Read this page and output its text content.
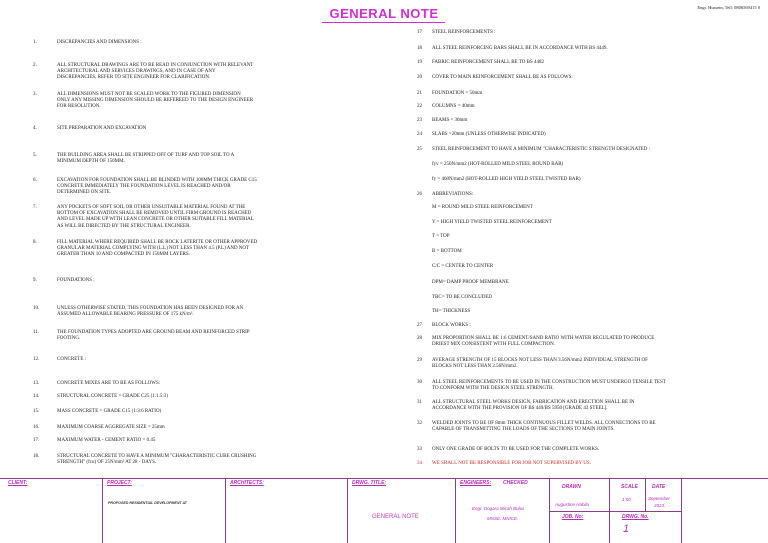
GENERAL NOTE	Engr. Hussein, Tell: 0806569415 0
1.	DISCREPANCIES AND DIMENSIONS :
2.	ALL STRUCTURAL DRAWINGS ARE TO BE READ IN CONJUNCTION WITH RELEVANT
ARCHITECTURAL AND SERVICES DRAWINGS, AND IN CASE OF ANY
DISCREPANCIES, REFER TO SITE ENGINEER FOR CLARIFICATION.
3.	ALL DIMENSIONS MUST NOT BE SCALED WORK TO THE FIGURED DIMENSION
ONLY ANY MISSING DIMENSION SHOULD BE REFEREED TO THE DESIGN ENGINEER
FOR RESOLUTION.
4.	SITE PREPARATION AND EXCAVATION
5.	THE BUILDING AREA SHALL BE STRIPPED OFF OF TURF AND TOP SOIL TO A
MINIMUM DEPTH OF 150MM.
6.	EXCAVATION FOR FOUNDATION SHALL BE BLINDED WITH 100MM THICK GRADE C15
CONCRETE IMMEDIATELY THE FOUNDATION LEVEL IS REACHED AND/OR
DETERMINED ON SITE.
7.	ANY POCKETS OF SOFT SOIL OR OTHER UNSUITABLE MATERIAL FOUND AT THE
BOTTOM OF EXCAVATION SHALL BE REMOVED UNTIL FIRM GROUND IS REACHED
AND LEVEL MADE UP WITH LEAN CONCRETE OR OTHER SUITABLE FILL MATERIAL
AS WILL BE DIRECTED BY THE STRUCTURAL ENGINEER.
8.	FILL MATERIAL WHERE REQUIRED SHALL BE ROCK LATERITE OR OTHER APPROVED
GRANULAR MATERIAL COMPLYING WITH (L.L) NOT LESS THAN 4.5 (P.L) AND NOT
GREATER THAN 10 AND COMPACTED IN 150MM LAYERS.
9.	FOUNDATIONS :
10.	UNLESS OTHERWISE STATED, THIS FOUNDATION HAS BEEN DESIGNED FOR AN
ASSUMED ALLOWABLE BEARING PRESSURE OF 175 kN/m².
11.	THE FOUNDATION TYPES ADOPTED ARE GROUND BEAM AND REINFORCED STRIP
FOOTING.
12.	CONCRETE :
13.	CONCRETE MIXES ARE TO BE AS FOLLOWS:
14.	STRUCTURAL CONCRETE = GRADE C25 (1:1.5:3)
15.	MASS CONCRETE = GRADE C15 (1:3:6 RATIO)
16.	MAXIMUM COARSE AGGREGATE SIZE = 25mm
17.	MAXIMUM WATER - CEMENT RATIO = 0.45
18.	STRUCTURAL CONCRETE TO HAVE A MINIMUM "CHARACTERISTIC CUBE CRUSHING
STRENGTH" (fcu) OF 25N/mm² AT 28 - DAYS.
17 STEEL REINFORCEMENTS :
18 ALL STEEL REINFORCING BARS SHALL BE IN ACCORDANCE WITH BS 4449.
19 FABRIC REINFORCEMENT SHALL BE TO BS 4482
20 COVER TO MAIN REINFORCEMENT SHALL BE AS FOLLOWS:
21 FOUNDATION = 50mm
22 COLUMNS = 40mm
23 BEAMS = 30mm
24 SLABS =20mm (UNLESS OTHERWISE INDICATED)
25 STEEL REINFORCEMENT TO HAVE A MINIMUM "CHARACTERISTIC STRENGTH DESIGNATED :
fyv = 250N/mm2 (HOT-ROLLED MILD STEEL ROUND BAR)
fy = 460N/mm2 (HOT-ROLLED HIGH YIELD STEEL TWISTED BAR)
26 ABBREVIATIONS:
M = ROUND MILD STEEL REINFORCEMENT
Y = HIGH YIELD TWISTED STEEL REINFORCEMENT
T = TOP
B = BOTTOM
C/C = CENTER TO CENTER
DPM= DAMP PROOF MEMBRANE
TBC= TO BE CONCLUDED
TH= THICKNESS
27 BLOCK WORKS :
28 MIX PROPORTION SHALL BE 1:6 CEMENT/SAND RATIO WITH WATER REGULATED TO PRODUCE
DRIEST MIX CONSISTENT WITH FULL COMPACTION.
29 AVERAGE STRENGTH OF 15 BLOCKS NOT LESS THAN 3.56N/mm2 INDIVIDUAL STRENGTH OF
BLOCKS NOT LESS THAN 2.56N/mm2.
30 ALL STEEL REINFORCEMENTS TO BE USED IN THE CONSTRUCTION MUST UNDERGO TENSILE TEST
TO CONFORM WITH THE DESIGN STEEL STRENGTH.
31 ALL STRUCTURAL STEEL WORKS DESIGN, FABRICATION AND ERECTION SHALL BE IN
ACCORDANCE WITH THE PROVISION OF BS 449/BS 5950 [GRADE 43 STEEL].
32 WELDED JOINTS TO BE OF 8mm THICK CONTINUOUS FILLET WELDS. ALL CONNECTIONS TO BE
CAPABLE OF TRANSMITTING THE LOADS OF THE SECTIONS TO MAIN JOINTS.
33 ONLY ONE GRADE OF BOLTS TO BE USED FOR THE COMPLETE WORKS.
34 WE SHALL NOT BE RESPONSIBLE FOR JOB NOT SUPERVISED BY US.
CLIENT:	PROJECT:
PROPOSED RESIDENTIAL DEVELOPMENT AT
ARCHITECTS:	DRWG. TITLE:
GENERAL NOTE
ENGINEERS: CHECKED
Engr. Dogara Micah Bulus
MNSE. MNICE.
DRAWN
Augustine Habila
JOB. No:
SCALE
1:50
DATE
September
2023.
DRWG. No.
1
